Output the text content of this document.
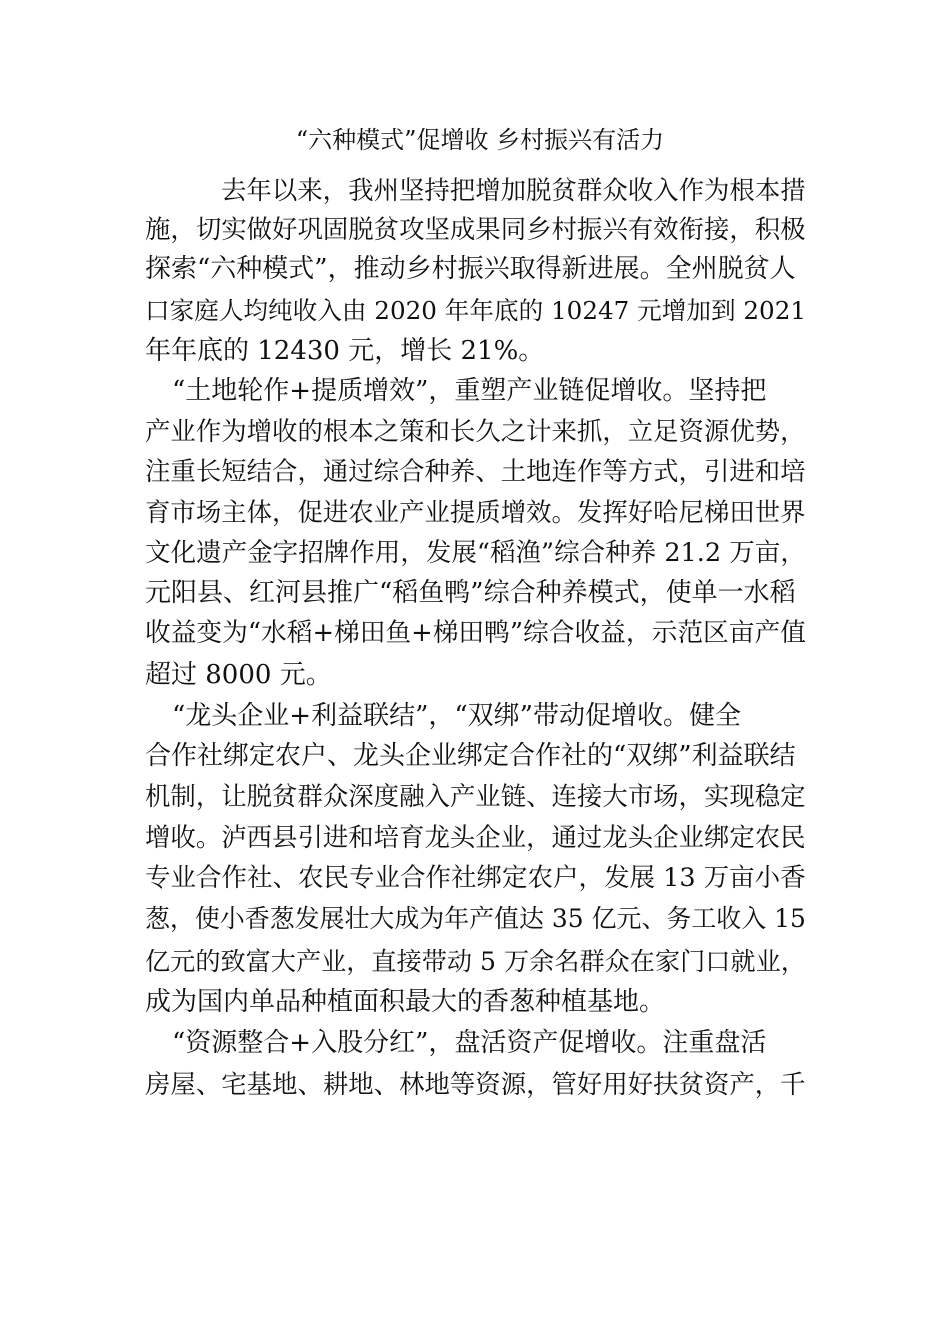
“六种模式”促增收 乡村振兴有活力

去年以来，我州坚持把增加脱贫群众收入作为根本措

施，切实做好巩固脱贫攻坚成果同乡村振兴有效衔接，积极

探索“六种模式”，推动乡村振兴取得新进展。全州脱贫人

口家庭人均纯收入由 2020 年年底的 10247 元增加到 2021

年年底的 12430 元，增长 21%。

“土地轮作+提质增效”，重塑产业链促增收。坚持把

产业作为增收的根本之策和长久之计来抓，立足资源优势，

注重长短结合，通过综合种养、土地连作等方式，引进和培

育市场主体，促进农业产业提质增效。发挥好哈尼梯田世界

文化遗产金字招牌作用，发展“稻渔”综合种养 21.2 万亩，

元阳县、红河县推广“稻鱼鸭”综合种养模式，使单一水稻

收益变为“水稻+梯田鱼+梯田鸭”综合收益，示范区亩产值

超过 8000 元。

“龙头企业+利益联结”，“双绑”带动促增收。健全

合作社绑定农户、龙头企业绑定合作社的“双绑”利益联结

机制，让脱贫群众深度融入产业链、连接大市场，实现稳定

增收。泸西县引进和培育龙头企业，通过龙头企业绑定农民

专业合作社、农民专业合作社绑定农户，发展 13 万亩小香

葱，使小香葱发展壮大成为年产值达 35 亿元、务工收入 15

亿元的致富大产业，直接带动 5 万余名群众在家门口就业，

成为国内单品种植面积最大的香葱种植基地。

“资源整合+入股分红”，盘活资产促增收。注重盘活

房屋、宅基地、耕地、林地等资源，管好用好扶贫资产，千
